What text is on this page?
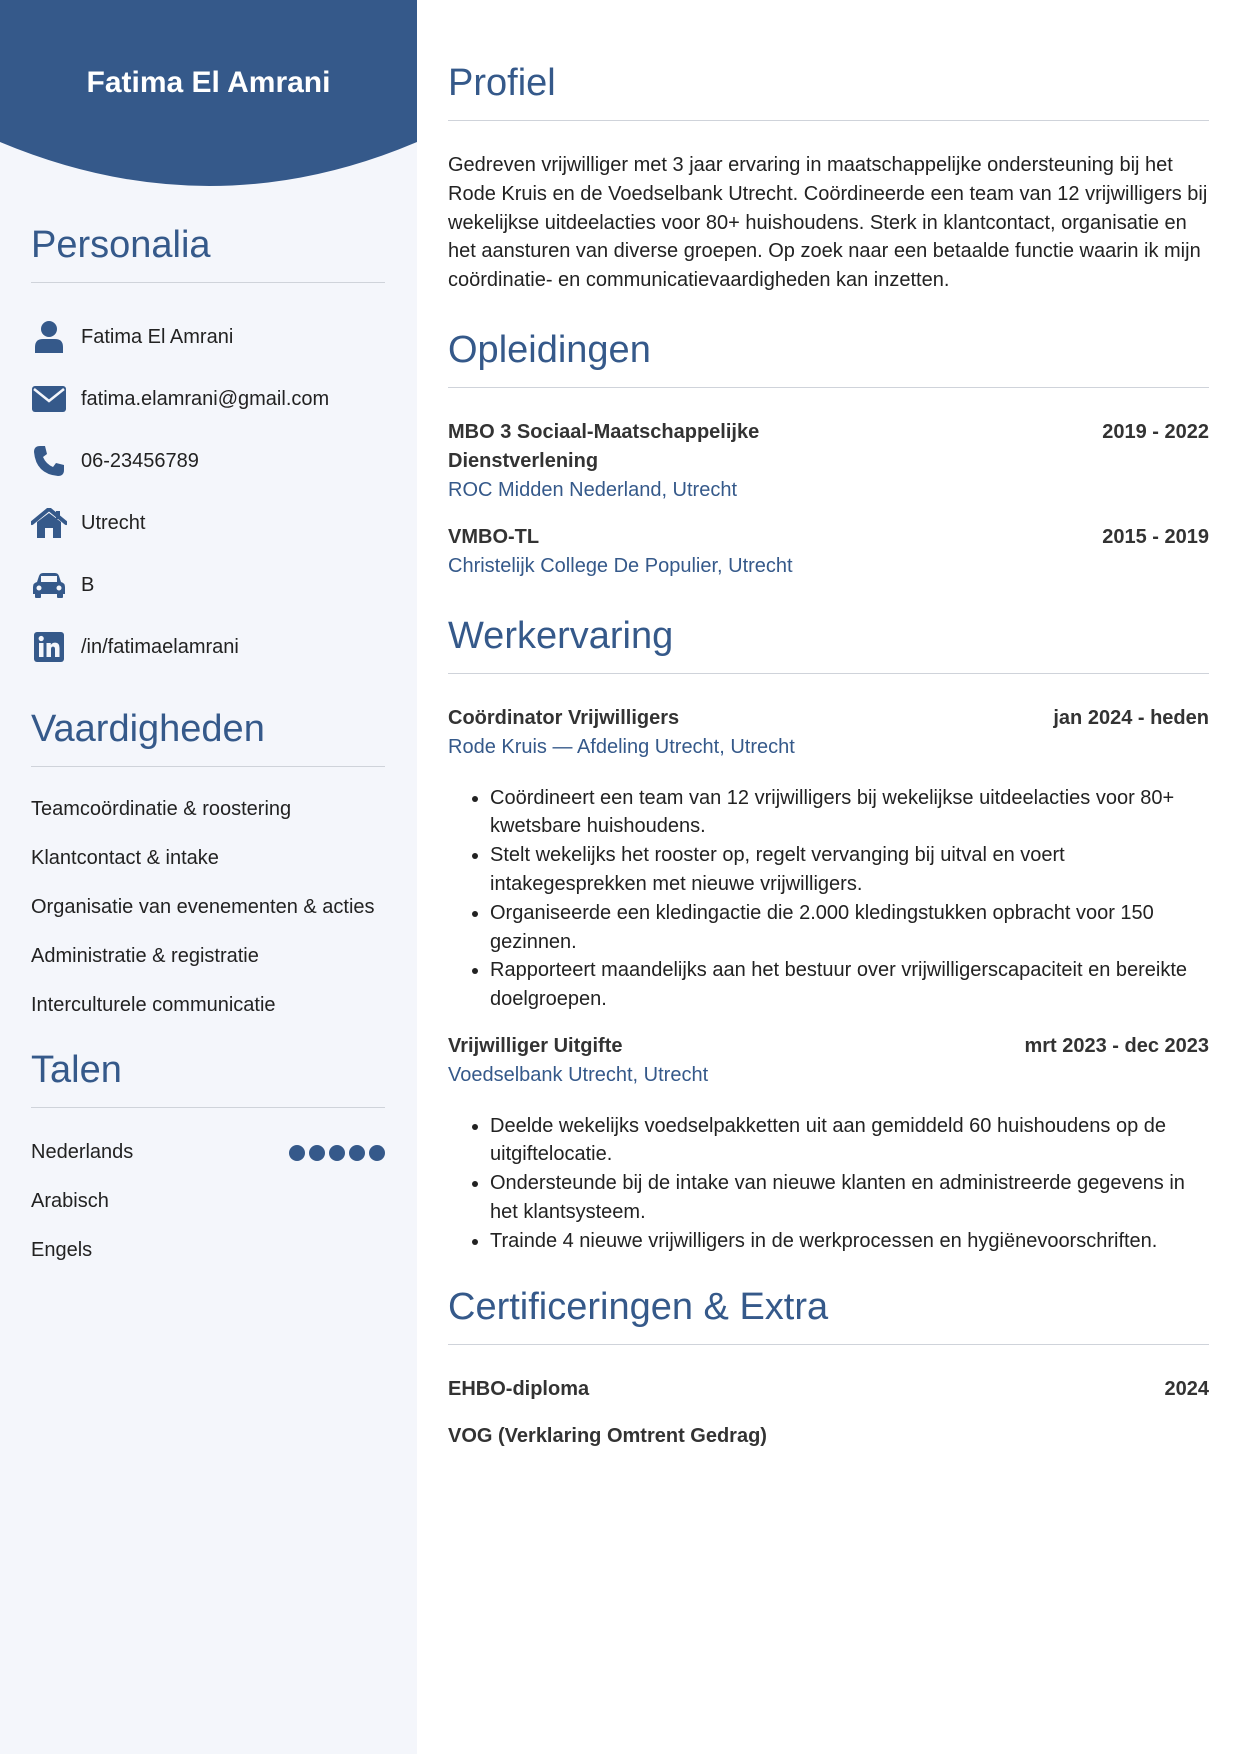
Fatima El Amrani
Personalia
Fatima El Amrani
fatima.elamrani@gmail.com
06-23456789
Utrecht
B
/in/fatimaelamrani
Vaardigheden
Teamcoördinatie & roostering
Klantcontact & intake
Organisatie van evenementen & acties
Administratie & registratie
Interculturele communicatie
Talen
Nederlands
Arabisch
Engels
Profiel
Gedreven vrijwilliger met 3 jaar ervaring in maatschappelijke ondersteuning bij het Rode Kruis en de Voedselbank Utrecht. Coördineerde een team van 12 vrijwilligers bij wekelijkse uitdeelacties voor 80+ huishoudens. Sterk in klantcontact, organisatie en het aansturen van diverse groepen. Op zoek naar een betaalde functie waarin ik mijn coördinatie- en communicatievaardigheden kan inzetten.
Opleidingen
MBO 3 Sociaal-Maatschappelijke Dienstverlening
2019 - 2022
ROC Midden Nederland, Utrecht
VMBO-TL	2015 - 2019
Christelijk College De Populier, Utrecht
Werkervaring
Coördinator Vrijwilligers	jan 2024 - heden
Rode Kruis — Afdeling Utrecht, Utrecht
• Coördineert een team van 12 vrijwilligers bij wekelijkse uitdeelacties voor 80+ kwetsbare huishoudens.
• Stelt wekelijks het rooster op, regelt vervanging bij uitval en voert intakegesprekken met nieuwe vrijwilligers.
• Organiseerde een kledingactie die 2.000 kledingstukken opbracht voor 150 gezinnen.
• Rapporteert maandelijks aan het bestuur over vrijwilligerscapaciteit en bereikte doelgroepen.
Vrijwilliger Uitgifte	mrt 2023 - dec 2023
Voedselbank Utrecht, Utrecht
• Deelde wekelijks voedselpakketten uit aan gemiddeld 60 huishoudens op de uitgiftelocatie.
• Ondersteunde bij de intake van nieuwe klanten en administreerde gegevens in het klantsysteem.
• Trainde 4 nieuwe vrijwilligers in de werkprocessen en hygiënevoorschriften.
Certificeringen & Extra
EHBO-diploma	2024
VOG (Verklaring Omtrent Gedrag)
